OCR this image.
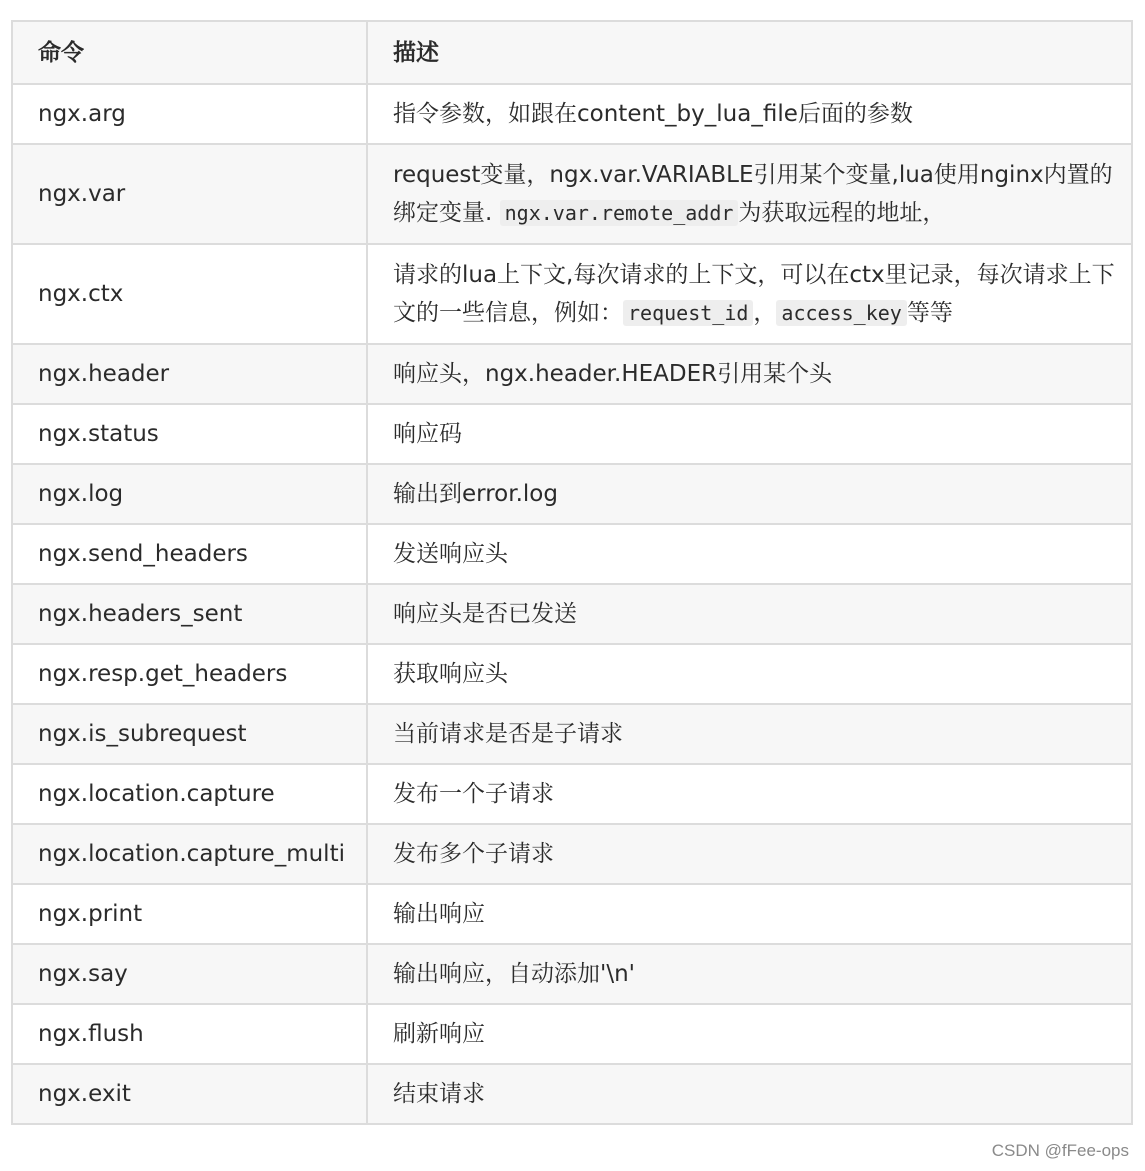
命令	描述
ngx.arg	指令参数，如跟在content_by_lua_file后面的参数
ngx.var	request变量，ngx.var.VARIABLE引用某个变量,lua使用nginx内置的绑定变量. ngx.var.remote_addr 为获取远程的地址，
ngx.ctx	请求的lua上下文,每次请求的上下文，可以在ctx里记录，每次请求上下文的一些信息，例如： request_id ， access_key 等等
ngx.header	响应头，ngx.header.HEADER引用某个头
ngx.status	响应码
ngx.log	输出到error.log
ngx.send_headers	发送响应头
ngx.headers_sent	响应头是否已发送
ngx.resp.get_headers	获取响应头
ngx.is_subrequest	当前请求是否是子请求
ngx.location.capture	发布一个子请求
ngx.location.capture_multi	发布多个子请求
ngx.print	输出响应
ngx.say	输出响应，自动添加'\n'
ngx.flush	刷新响应
ngx.exit	结束请求
CSDN @fFee-ops
